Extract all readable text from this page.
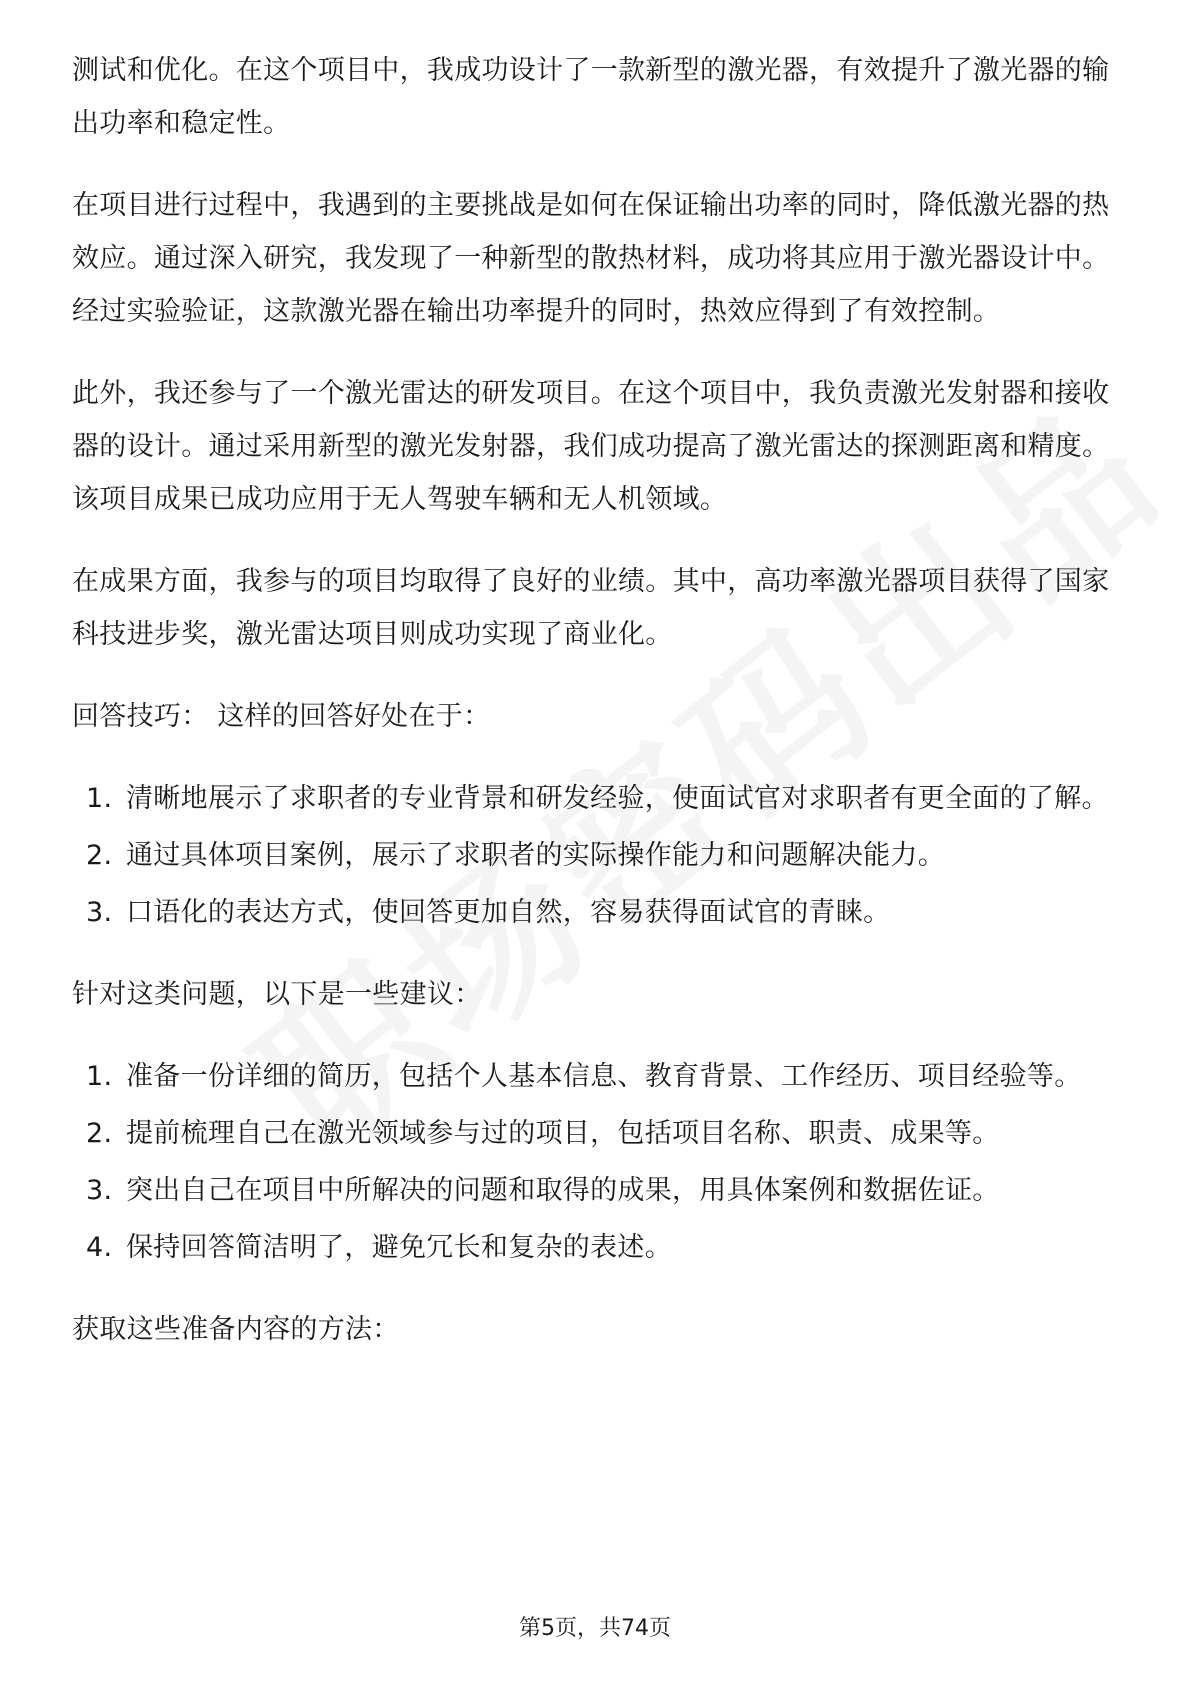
测试和优化。在这个项目中，我成功设计了一款新型的激光器，有效提升了激光器的输出功率和稳定性。

在项目进行过程中，我遇到的主要挑战是如何在保证输出功率的同时，降低激光器的热效应。通过深入研究，我发现了一种新型的散热材料，成功将其应用于激光器设计中。经过实验验证，这款激光器在输出功率提升的同时，热效应得到了有效控制。

此外，我还参与了一个激光雷达的研发项目。在这个项目中，我负责激光发射器和接收器的设计。通过采用新型的激光发射器，我们成功提高了激光雷达的探测距离和精度。该项目成果已成功应用于无人驾驶车辆和无人机领域。

在成果方面，我参与的项目均取得了良好的业绩。其中，高功率激光器项目获得了国家科技进步奖，激光雷达项目则成功实现了商业化。

回答技巧： 这样的回答好处在于：

1. 清晰地展示了求职者的专业背景和研发经验，使面试官对求职者有更全面的了解。
2. 通过具体项目案例，展示了求职者的实际操作能力和问题解决能力。
3. 口语化的表达方式，使回答更加自然，容易获得面试官的青睐。

针对这类问题，以下是一些建议：

1. 准备一份详细的简历，包括个人基本信息、教育背景、工作经历、项目经验等。
2. 提前梳理自己在激光领域参与过的项目，包括项目名称、职责、成果等。
3. 突出自己在项目中所解决的问题和取得的成果，用具体案例和数据佐证。
4. 保持回答简洁明了，避免冗长和复杂的表述。

获取这些准备内容的方法：

第5页，共74页
